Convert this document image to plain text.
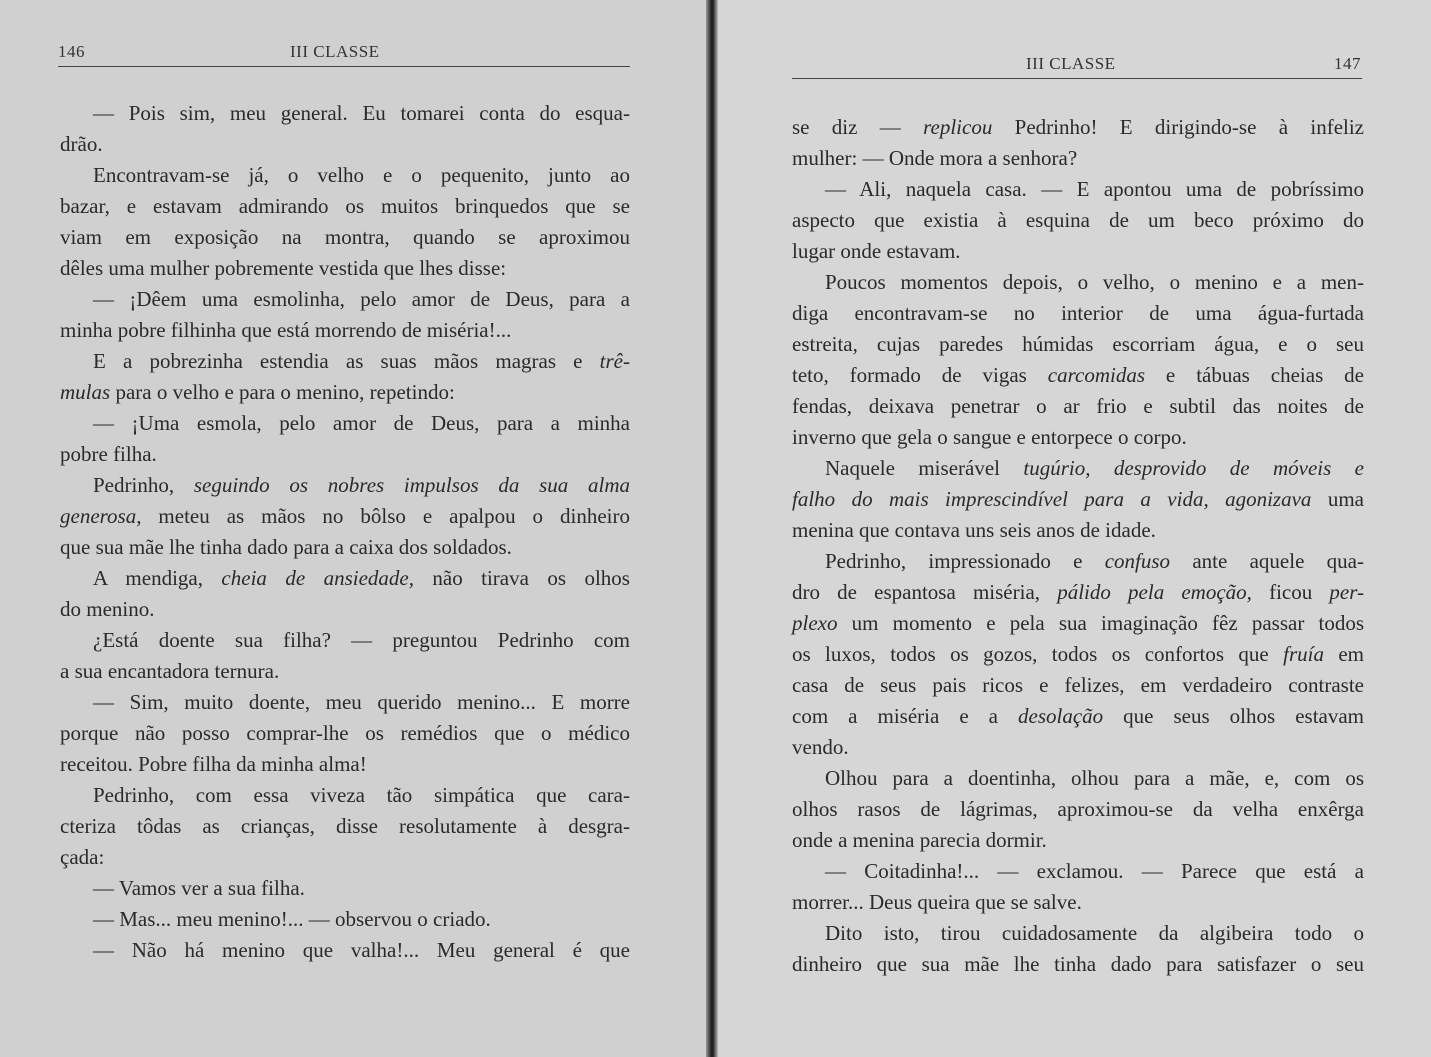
146	III CLASSE
— Pois sim, meu general. Eu tomarei conta do esqua-
drão.
Encontravam-se já, o velho e o pequenito, junto ao
bazar, e estavam admirando os muitos brinquedos que se
viam em exposição na montra, quando se aproximou
dêles uma mulher pobremente vestida que lhes disse:
— ¡Dêem uma esmolinha, pelo amor de Deus, para a
minha pobre filhinha que está morrendo de miséria!...
E a pobrezinha estendia as suas mãos magras e trê-
mulas para o velho e para o menino, repetindo:
— ¡Uma esmola, pelo amor de Deus, para a minha
pobre filha.
Pedrinho, seguindo os nobres impulsos da sua alma
generosa, meteu as mãos no bôlso e apalpou o dinheiro
que sua mãe lhe tinha dado para a caixa dos soldados.
A mendiga, cheia de ansiedade, não tirava os olhos
do menino.
¿Está doente sua filha? — preguntou Pedrinho com
a sua encantadora ternura.
— Sim, muito doente, meu querido menino... E morre
porque não posso comprar-lhe os remédios que o médico
receitou. Pobre filha da minha alma!
Pedrinho, com essa viveza tão simpática que cara-
cteriza tôdas as crianças, disse resolutamente à desgra-
çada:
— Vamos ver a sua filha.
— Mas... meu menino!... — observou o criado.
— Não há menino que valha!... Meu general é que
III CLASSE	147
se diz — replicou Pedrinho! E dirigindo-se à infeliz
mulher: — Onde mora a senhora?
— Ali, naquela casa. — E apontou uma de pobríssimo
aspecto que existia à esquina de um beco próximo do
lugar onde estavam.
Poucos momentos depois, o velho, o menino e a men-
diga encontravam-se no interior de uma água-furtada
estreita, cujas paredes húmidas escorriam água, e o seu
teto, formado de vigas carcomidas e tábuas cheias de
fendas, deixava penetrar o ar frio e subtil das noites de
inverno que gela o sangue e entorpece o corpo.
Naquele miserável tugúrio, desprovido de móveis e
falho do mais imprescindível para a vida, agonizava uma
menina que contava uns seis anos de idade.
Pedrinho, impressionado e confuso ante aquele qua-
dro de espantosa miséria, pálido pela emoção, ficou per-
plexo um momento e pela sua imaginação fêz passar todos
os luxos, todos os gozos, todos os confortos que fruía em
casa de seus pais ricos e felizes, em verdadeiro contraste
com a miséria e a desolação que seus olhos estavam
vendo.
Olhou para a doentinha, olhou para a mãe, e, com os
olhos rasos de lágrimas, aproximou-se da velha enxêrga
onde a menina parecia dormir.
— Coitadinha!... — exclamou. — Parece que está a
morrer... Deus queira que se salve.
Dito isto, tirou cuidadosamente da algibeira todo o
dinheiro que sua mãe lhe tinha dado para satisfazer o seu
